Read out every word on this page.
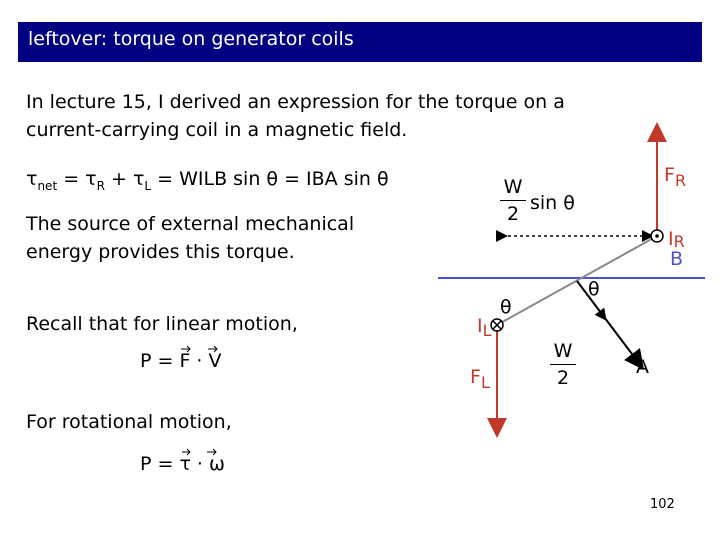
leftover: torque on generator coils
In lecture 15, I derived an expression for the torque on a current-carrying coil in a magnetic field.
$\tau_{net} = \tau_R + \tau_L$ = WILB sin θ = IBA sin θ
The source of external mechanical energy provides this torque.
Recall that for linear motion,
P = F · V
For rotational motion,
P = τ · ω
$F_R$
IR
B
$I_L$
$F_L$
A
θ
θ
W
2 sin θ
W
2
102
